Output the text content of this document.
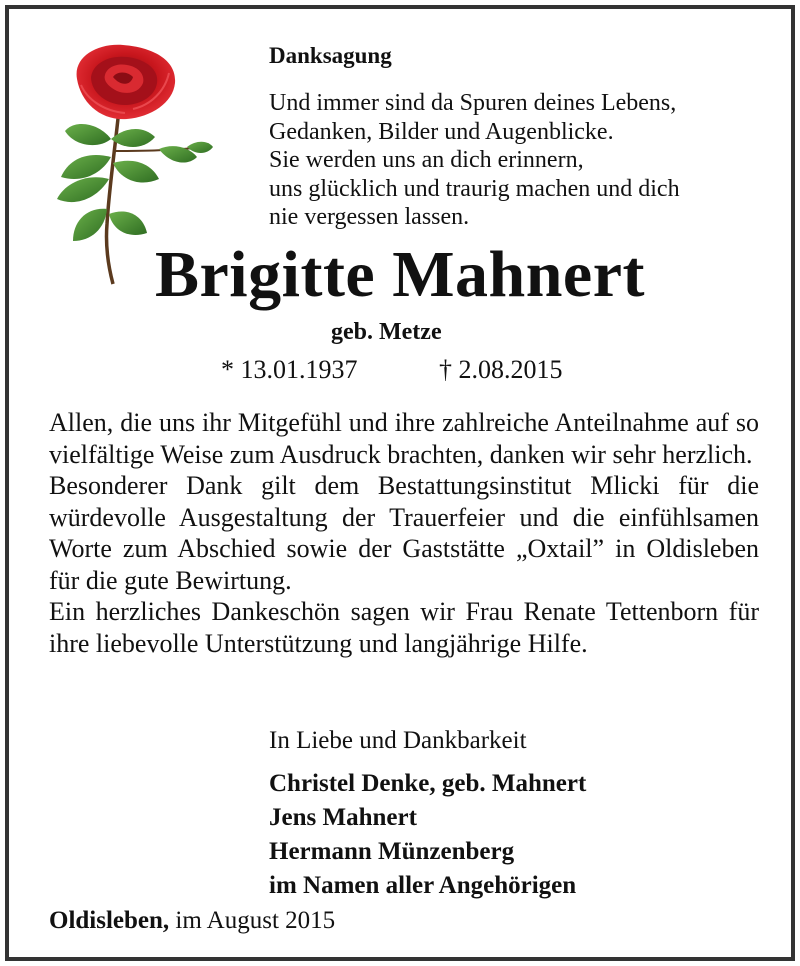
Danksagung
Und immer sind da Spuren deines Lebens,
Gedanken, Bilder und Augenblicke.
Sie werden uns an dich erinnern,
uns glücklich und traurig machen und dich
nie vergessen lassen.
Brigitte Mahnert
geb. Metze
* 13.01.1937	† 2.08.2015

Allen, die uns ihr Mitgefühl und ihre zahlreiche Anteilnahme auf so vielfältige Weise zum Ausdruck brachten, danken wir sehr herzlich.

Besonderer Dank gilt dem Bestattungsinstitut Mlicki für die würdevolle Ausgestaltung der Trauerfeier und die einfühlsamen Worte zum Abschied sowie der Gaststätte „Oxtail” in Oldisleben für die gute Bewirtung.

Ein herzliches Dankeschön sagen wir Frau Renate Tettenborn für ihre liebevolle Unterstützung und langjährige Hilfe.

In Liebe und Dankbarkeit
Christel Denke, geb. Mahnert
Jens Mahnert
Hermann Münzenberg
im Namen aller Angehörigen
Oldisleben, im August 2015
